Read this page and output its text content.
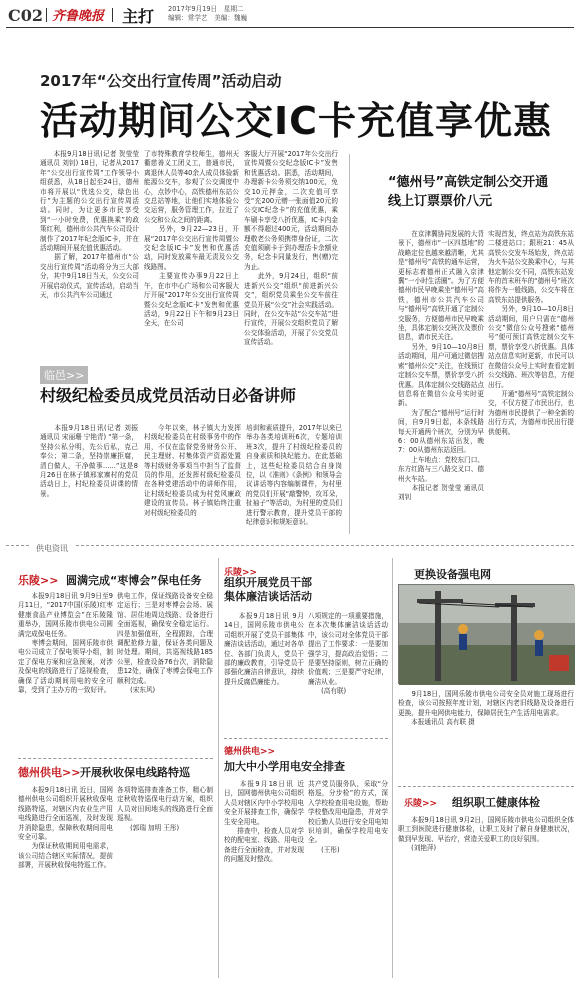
C02 齐鲁晚报 主打 2017年9月19日　星期二
编辑：常学艺　美编：魏巍
2017年“公交出行宣传周”活动启动
活动期间公交IC卡充值享优惠
　　本报9月18日讯(记者 贺莹莹 通讯员 刘钊) 18日，记者从2017年“公交出行宣传周”工作领导小组获悉，从18日起至24日，德州市将开展以“优选公交，绿色出行”为主题的公交出行宣传周活动。同时，为让更多市民享受到“一小时免费，优惠换乘”的政策红利，德州市公共汽车公司设计制作了2017年纪念版IC卡，并在活动期间开展充值优惠活动。
　　据了解，2017年德州市“公交出行宣传周”活动将分为三大部分，其中9月18日当天，公交公司开展启动仪式，宣传活动，启动当天，市公共汽车公司通过
了市特殊教育学校师生，德州天衢慈善义工团义工，普通市民，离退休人员等40余人成员体验新能源公交车，参观了公交调度中心，点钞中心，高铁德州东站公交总站等地，让他们实地体验公交运营，服务管理工作，拉近了公交和公众之间的距离。
　　另外，9月22—23日，开展“2017年公交出行宣传周暨公交纪念版IC卡”发售和优惠活动，同时发放乘车最无责及公交线路图。
　　主要宣传办事9月22日上午，在市中心广场和公司客服大厅开展“2017年公交出行宣传周暨公交纪念版IC卡”发售和优惠活动，9月22日下午和9月23日全天，在公司
客服大厅开展“2017年公交出行宣传周暨公交纪念版IC卡”发售和优惠活动。据悉，活动期间，办理新卡公务须交纳100元，免交10元押金，二次充值可享受“充200元赠一张面值20元的公交IC纪念卡”的充值优惠，乘车刷卡享受八折优惠，IC卡内金额不得超过400元，活动期间办理敬老公务须携带身份证，二次充值须刷卡于到办理活卡余额业务，纪念卡同量发行，售(赠)完为止。
　　此外，9月24日，组织“前进新兴公交”组织“前进新兴公交”，组织党员乘坐公交车前往党员开展“公交”社会实践活动。同时，在公交车站“公交车站”进行宣传，开展公交组织党员了解公交体验活动，开展了公交党员宣传活动。
“德州号”高铁定制公交开通
线上订票票价八元
　　在京津冀协同发展的大背景下，德州市“一区四基地”的战略定位也越来越清晰，尤其是“德州号”高铁的通车运营，更标志着德州正式融入京津冀“一小时生活圈”。为了方便德州市民早晚乘坐“德州号”高铁，德州市公共汽车公司与“德州号”高铁开通了定制公交服务，方便德州市民早晚乘坐，具体定制公交班次及票价信息，请市民关注。
　　另外，9月10—10月8日活动期间，用户可通过微信搜索“德州公交”关注，在线预订定制公交车票，票价享受八折优惠。具体定制公交线路站点信息将在微信公众号实时更新。
　　为了配合“德州号”运行时间，自9月9日起，本条线路每天开通两个班次，分别为早6：00从德州东站出发，晚7：00从德州东站返回。
　　上车地点：党校东门口、东方红路与三八路交叉口、德州火车站。
　　本报记者 贺莹莹 通讯员 刘钊
实现首发，终点站为高铁东站二楼进站口；跟班21：45从高铁公交发车场始发，终点站为火车站公交换乘中心，与其他定制公交不同，高铁东站发车的首末班车的“德州号”班次将作为一般线路，公交车将在高铁东站提供服务。
　　另外，9月10—10月8日活动期间，用户只需在“德州公交”微信公众号搜索“德州号”便可预订高铁定制公交车票，票价享受八折优惠。具体站点信息实时更新，市民可以在微信公众号上实时查看定制公交线路、班次等信息，方便出行。
　　开通“德州号”高铁定制公交，不仅方便了市民出行，也为德州市民提供了一种全新的出行方式，为德州市民出行提供便利。
临邑>>
村级纪检委员成党员活动日必备讲师
　　本报9月18日讯(记者 刘振 通讯员 宋丽珊 宁艳青) “第一条，坚持公私分明，先公后私，克己奉公；第二条，坚持崇廉拒腐，清白做人，干净做事……”这是8月26日在林子镇邢家寨村的党员活动日上，村纪检委员讲课的情景。
　　今年以来，林子镇大力发挥村级纪检委员在村级事务中的作用，不仅在监督党务财务公开、民主理财、村集体资产资源处置等村级财务事项当中担当了监督员的作用，还发挥村级纪检委员在各种党建活动中的讲师作用，让村级纪检委员成为村党风廉政建设的宣传员。林子镇始终注重对村级纪检委员的
培训和素质提升，2017年以来已举办各类培训班6次，专题培训班3次，提升了村级纪检委员的自身素质和执纪能力。在此基础上，这些纪检委员结合自身岗位，以《准则》《条例》和领导会议讲话等内容编制课件，为村里的党员们开展“敲警钟，攻耳朵，扯袖子”等活动，为村里的党员们进行警示教育，提升党员干部的纪律意识和规矩意识。
供电资讯
乐陵>> 圆满完成“枣博会”保电任务
　　本报9月18日讯 9月9日至9月11日，“2017中国(乐陵)红枣健康食品产业博览会”在乐陵隆重举办，国网乐陵市供电公司圆满完成保电任务。
　　枣博会期间，国网乐陵市供电公司成立了保电领导小组，制定了保电方案和应急预案，对涉及保电的线路进行了巡视检查，确保了活动期间用电的安全可靠，受到了主办方的一致好评。
供电工作，保证线路设备安全稳定运行；三是对枣博会会场、展馆、居住地周边线路、设备进行全面巡视，确保安全稳定运行。四是加强值班，全程跟踪，合理调配抢修力量，保证各类问题及时处理。期间，共巡视线路185公里，检查设备76台次，消除隐患12处，确保了枣博会保电工作顺利完成。
　　(宋东风)
德州供电>> 开展秋收保电线路特巡
　　本报9月18日讯 近日，国网德州供电公司组织开展秋收保电线路特巡，对辖区内农业生产用电线路进行全面巡视，及时发现并消除隐患，保障秋收期间用电安全可靠。
　　为保证秋收期间用电需求，该公司结合辖区实际情况，提前部署，开展秋收保电特巡工作。
各项特巡排查准备工作，精心制定秋收特巡保电行动方案，组织人员对田间地头的线路进行全面巡视。
　　(郭瑞 加明 王彤)
乐陵>>
组织开展党员干部
集体廉洁谈话活动
　　本报9月18日讯 9月14日，国网乐陵市供电公司组织开展了党员干部集体廉洁谈话活动，通过对各单位、各部门负责人，党员干部的廉政教育，引导党员干部强化廉洁自律意识，持续提升反腐倡廉能力。
八项规定的一项重要措施，在本次集体廉洁谈话活动中，该公司对全体党员干部提出了工作要求：一是要加强学习，提高政治觉悟；二是要坚持原则，树立正确的价值观；三是要严守纪律，廉洁从业。
　　(高有联)
德州供电>>
加大中小学用电安全排查
　　本报9月18日讯 近日，国网德州供电公司组织人员对辖区内中小学校用电安全开展排查工作，确保学生安全用电。
　　排查中，检查人员对学校的配电室、线路、用电设备进行全面检查，并对发现的问题及时整改。
共产党员服务队，采取“分格巡，分步检”的方式，深入学校检查用电设施，帮助学校整改用电隐患，并对学校后勤人员进行安全用电知识培训，确保学校用电安全。
　　(王彤)
更换设备强电网
　　9月18日，国网乐陵市供电公司安全员对施工现场进行检查，该公司按照年度计划，对辖区内老旧线路及设备进行更换，提升电网供电能力，保障居民生产生活用电需求。
　　本报通讯员 高有联 摄
乐陵>> 组织职工健康体检
　　本报9月18日讯 9月2日，国网乐陵市供电公司组织全体职工到医院进行健康体检，让职工及时了解自身健康状况，做到早发现、早治疗，营造关爱职工的良好氛围。
　　(刘艳萍)
